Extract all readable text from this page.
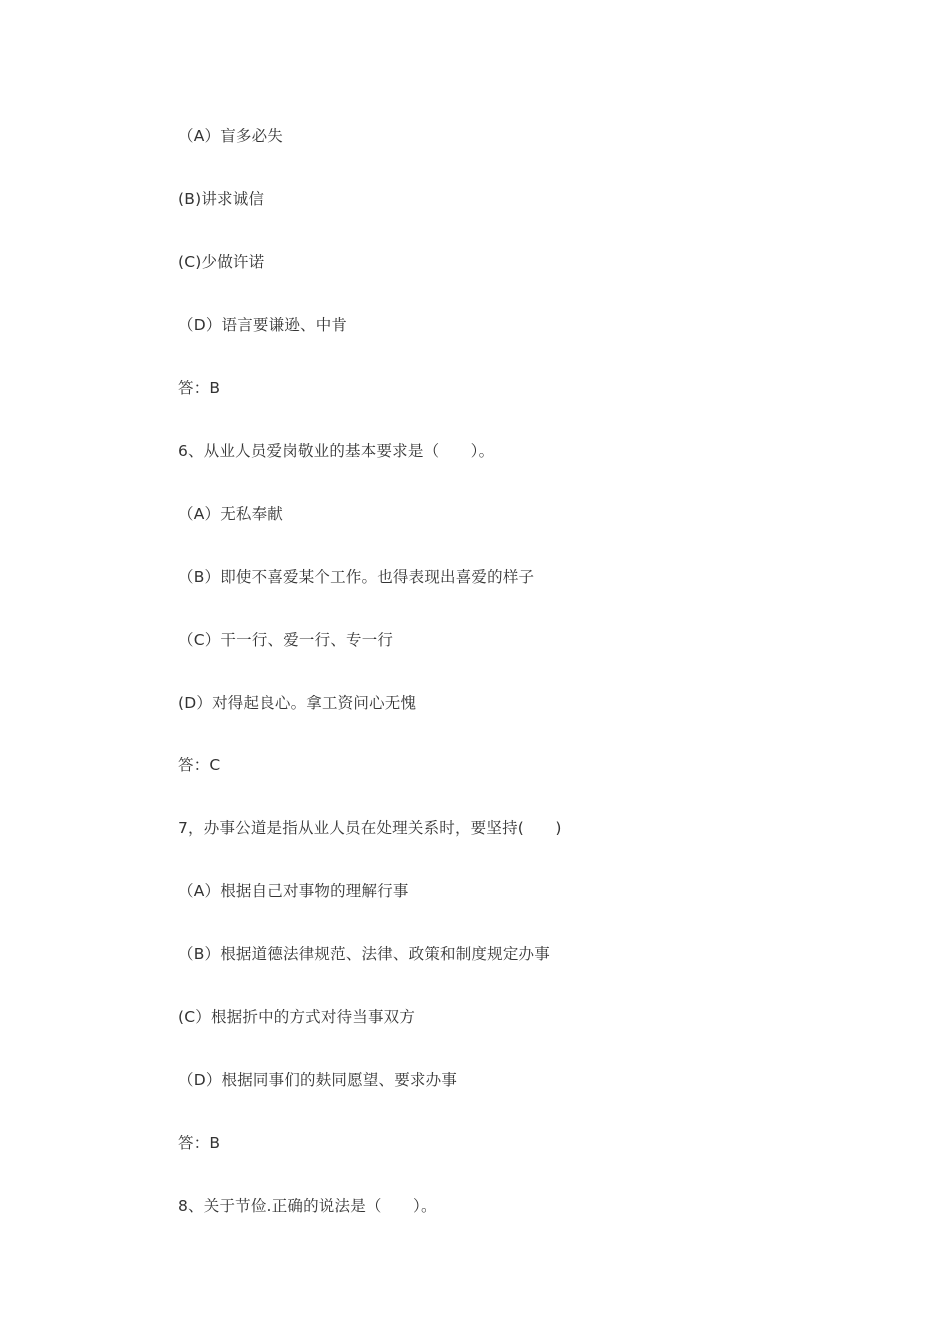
（A）盲多必失
(B)讲求诚信
(C)少做许诺
（D）语言要谦逊、中肯
答：B
6、从业人员爱岗敬业的基本要求是（　　）。
（A）无私奉献
（B）即使不喜爱某个工作。也得表现出喜爱的样子
（C）干一行、爱一行、专一行
(D）对得起良心。拿工资问心无愧
答：C
7，办事公道是指从业人员在处理关系时，要坚持(　　)
（A）根据自己对事物的理解行事
（B）根据道德法律规范、法律、政策和制度规定办事
(C）根据折中的方式对待当事双方
（D）根据同事们的麸同愿望、要求办事
答：B
8、关于节俭.正确的说法是（　　）。
